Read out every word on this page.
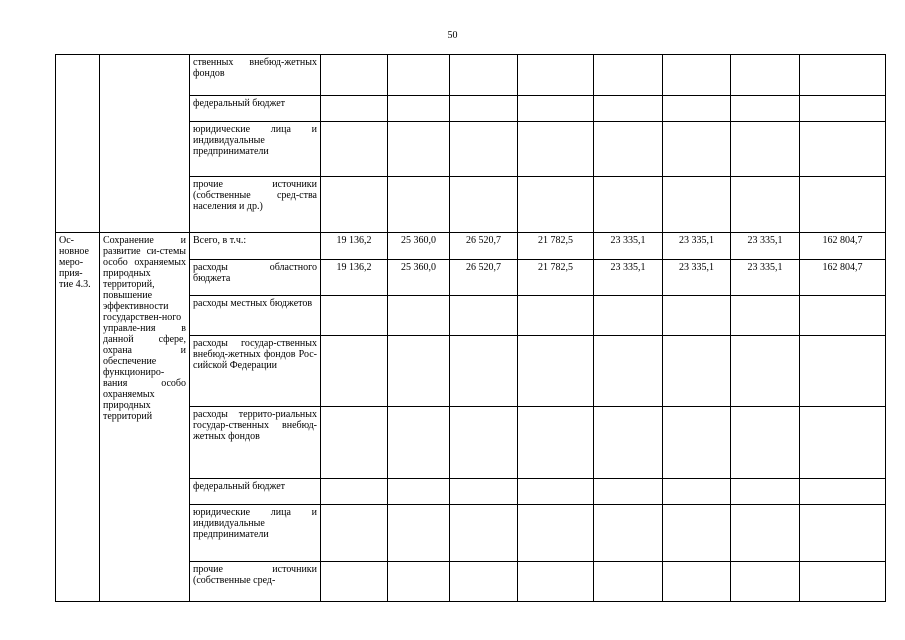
50
		ственных внебюд-жетных фондов								
		федеральный бюджет								
		юридические лица и индивидуальные предприниматели								
		прочие источники (собственные сред-ства населения и др.)								
Ос-новное меро-прия-тие 4.3.	Сохранение и развитие си-стемы особо охраняемых природных территорий, повышение эффективности государствен-ного управле-ния в данной сфере, охрана и обеспечение функциониро-вания особо охраняемых природных территорий	Всего, в т.ч.:	19 136,2	25 360,0	26 520,7	21 782,5	23 335,1	23 335,1	23 335,1	162 804,7
		расходы областного бюджета	19 136,2	25 360,0	26 520,7	21 782,5	23 335,1	23 335,1	23 335,1	162 804,7
		расходы местных бюджетов								
		расходы государ-ственных внебюд-жетных фондов Рос-сийской Федерации								
		расходы террито-риальных государ-ственных внебюд-жетных фондов								
		федеральный бюджет								
		юридические лица и индивидуальные предприниматели								
		прочие источники (собственные сред-								
